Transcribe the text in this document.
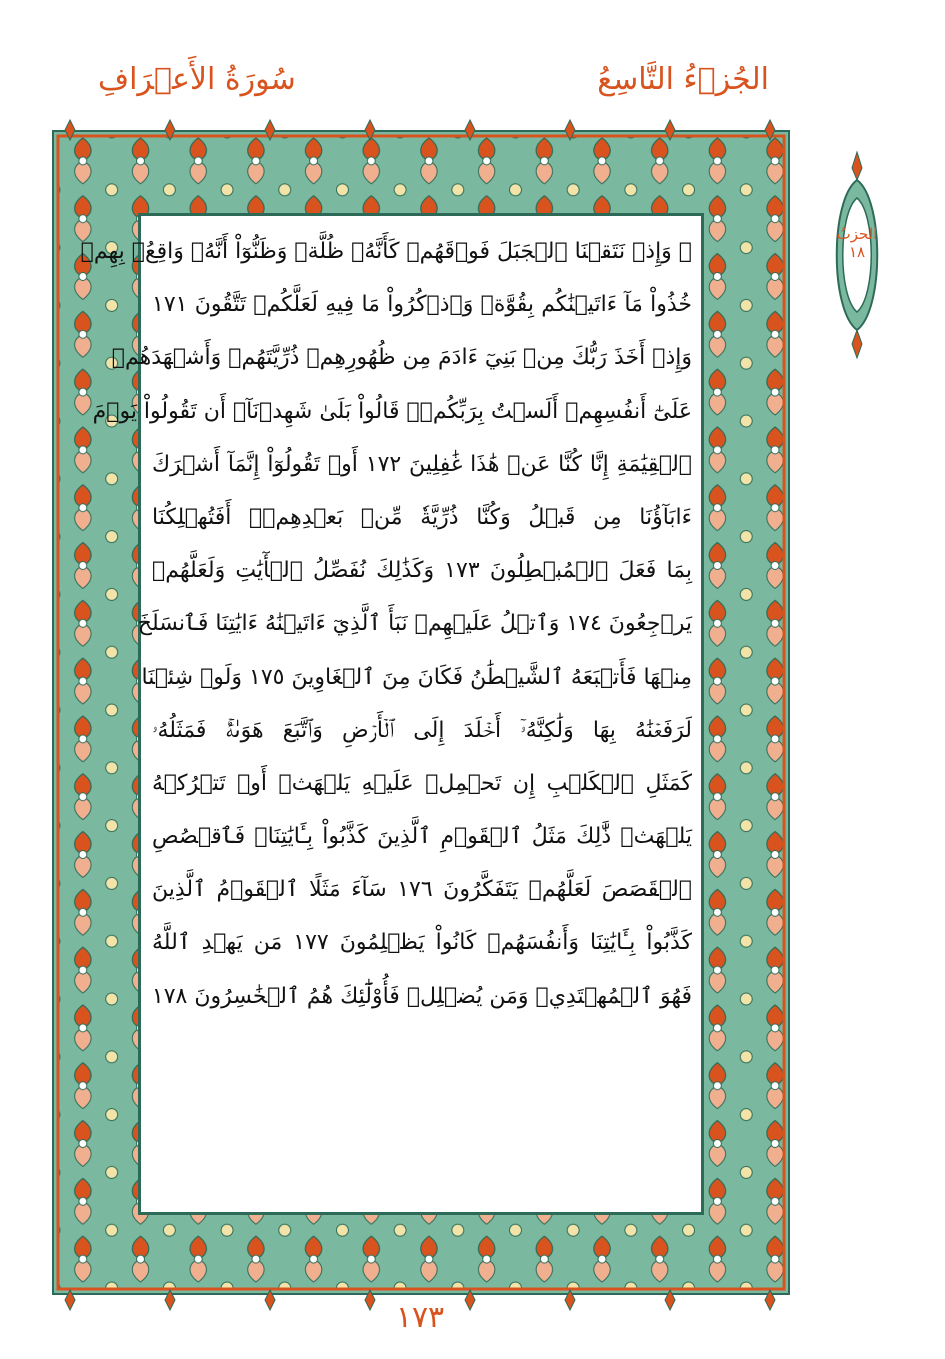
سُورَةُ الأَعۡرَافِ	الجُزۡءُ التَّاسِعُ
۞ وَإِذۡ نَتَقۡنَا ٱلۡجَبَلَ فَوۡقَهُمۡ كَأَنَّهُۥ ظُلَّةٞ وَظَنُّوٓاْ أَنَّهُۥ وَاقِعُۢ بِهِمۡ
خُذُواْ مَآ ءَاتَيۡنَٰكُم بِقُوَّةٖ وَٱذۡكُرُواْ مَا فِيهِ لَعَلَّكُمۡ تَتَّقُونَ ١٧١
وَإِذۡ أَخَذَ رَبُّكَ مِنۢ بَنِيٓ ءَادَمَ مِن ظُهُورِهِمۡ ذُرِّيَّتَهُمۡ وَأَشۡهَدَهُمۡ
عَلَىٰٓ أَنفُسِهِمۡ أَلَسۡتُ بِرَبِّكُمۡۖ قَالُواْ بَلَىٰ شَهِدۡنَآۚ أَن تَقُولُواْ يَوۡمَ
ٱلۡقِيَٰمَةِ إِنَّا كُنَّا عَنۡ هَٰذَا غَٰفِلِينَ ١٧٢ أَوۡ تَقُولُوٓاْ إِنَّمَآ أَشۡرَكَ
ءَابَآؤُنَا مِن قَبۡلُ وَكُنَّا ذُرِّيَّةٗ مِّنۢ بَعۡدِهِمۡۖ أَفَتُهۡلِكُنَا
بِمَا فَعَلَ ٱلۡمُبۡطِلُونَ ١٧٣ وَكَذَٰلِكَ نُفَصِّلُ ٱلۡأٓيَٰتِ وَلَعَلَّهُمۡ
يَرۡجِعُونَ ١٧٤ وَٱتۡلُ عَلَيۡهِمۡ نَبَأَ ٱلَّذِيٓ ءَاتَيۡنَٰهُ ءَايَٰتِنَا فَٱنسَلَخَ
مِنۡهَا فَأَتۡبَعَهُ ٱلشَّيۡطَٰنُ فَكَانَ مِنَ ٱلۡغَاوِينَ ١٧٥ وَلَوۡ شِئۡنَا
لَرَفَعۡنَٰهُ بِهَا وَلَٰكِنَّهُۥٓ أَخۡلَدَ إِلَى ٱلۡأَرۡضِ وَٱتَّبَعَ هَوَىٰهُۚ فَمَثَلُهُۥ
كَمَثَلِ ٱلۡكَلۡبِ إِن تَحۡمِلۡ عَلَيۡهِ يَلۡهَثۡ أَوۡ تَتۡرُكۡهُ
يَلۡهَثۚ ذَّٰلِكَ مَثَلُ ٱلۡقَوۡمِ ٱلَّذِينَ كَذَّبُواْ بِـَٔايَٰتِنَاۚ فَٱقۡصُصِ
ٱلۡقَصَصَ لَعَلَّهُمۡ يَتَفَكَّرُونَ ١٧٦ سَآءَ مَثَلًا ٱلۡقَوۡمُ ٱلَّذِينَ
كَذَّبُواْ بِـَٔايَٰتِنَا وَأَنفُسَهُمۡ كَانُواْ يَظۡلِمُونَ ١٧٧ مَن يَهۡدِ ٱللَّهُ
فَهُوَ ٱلۡمُهۡتَدِيۖ وَمَن يُضۡلِلۡ فَأُوْلَٰٓئِكَ هُمُ ٱلۡخَٰسِرُونَ ١٧٨
الحزبُ
١٨
١٧٣
